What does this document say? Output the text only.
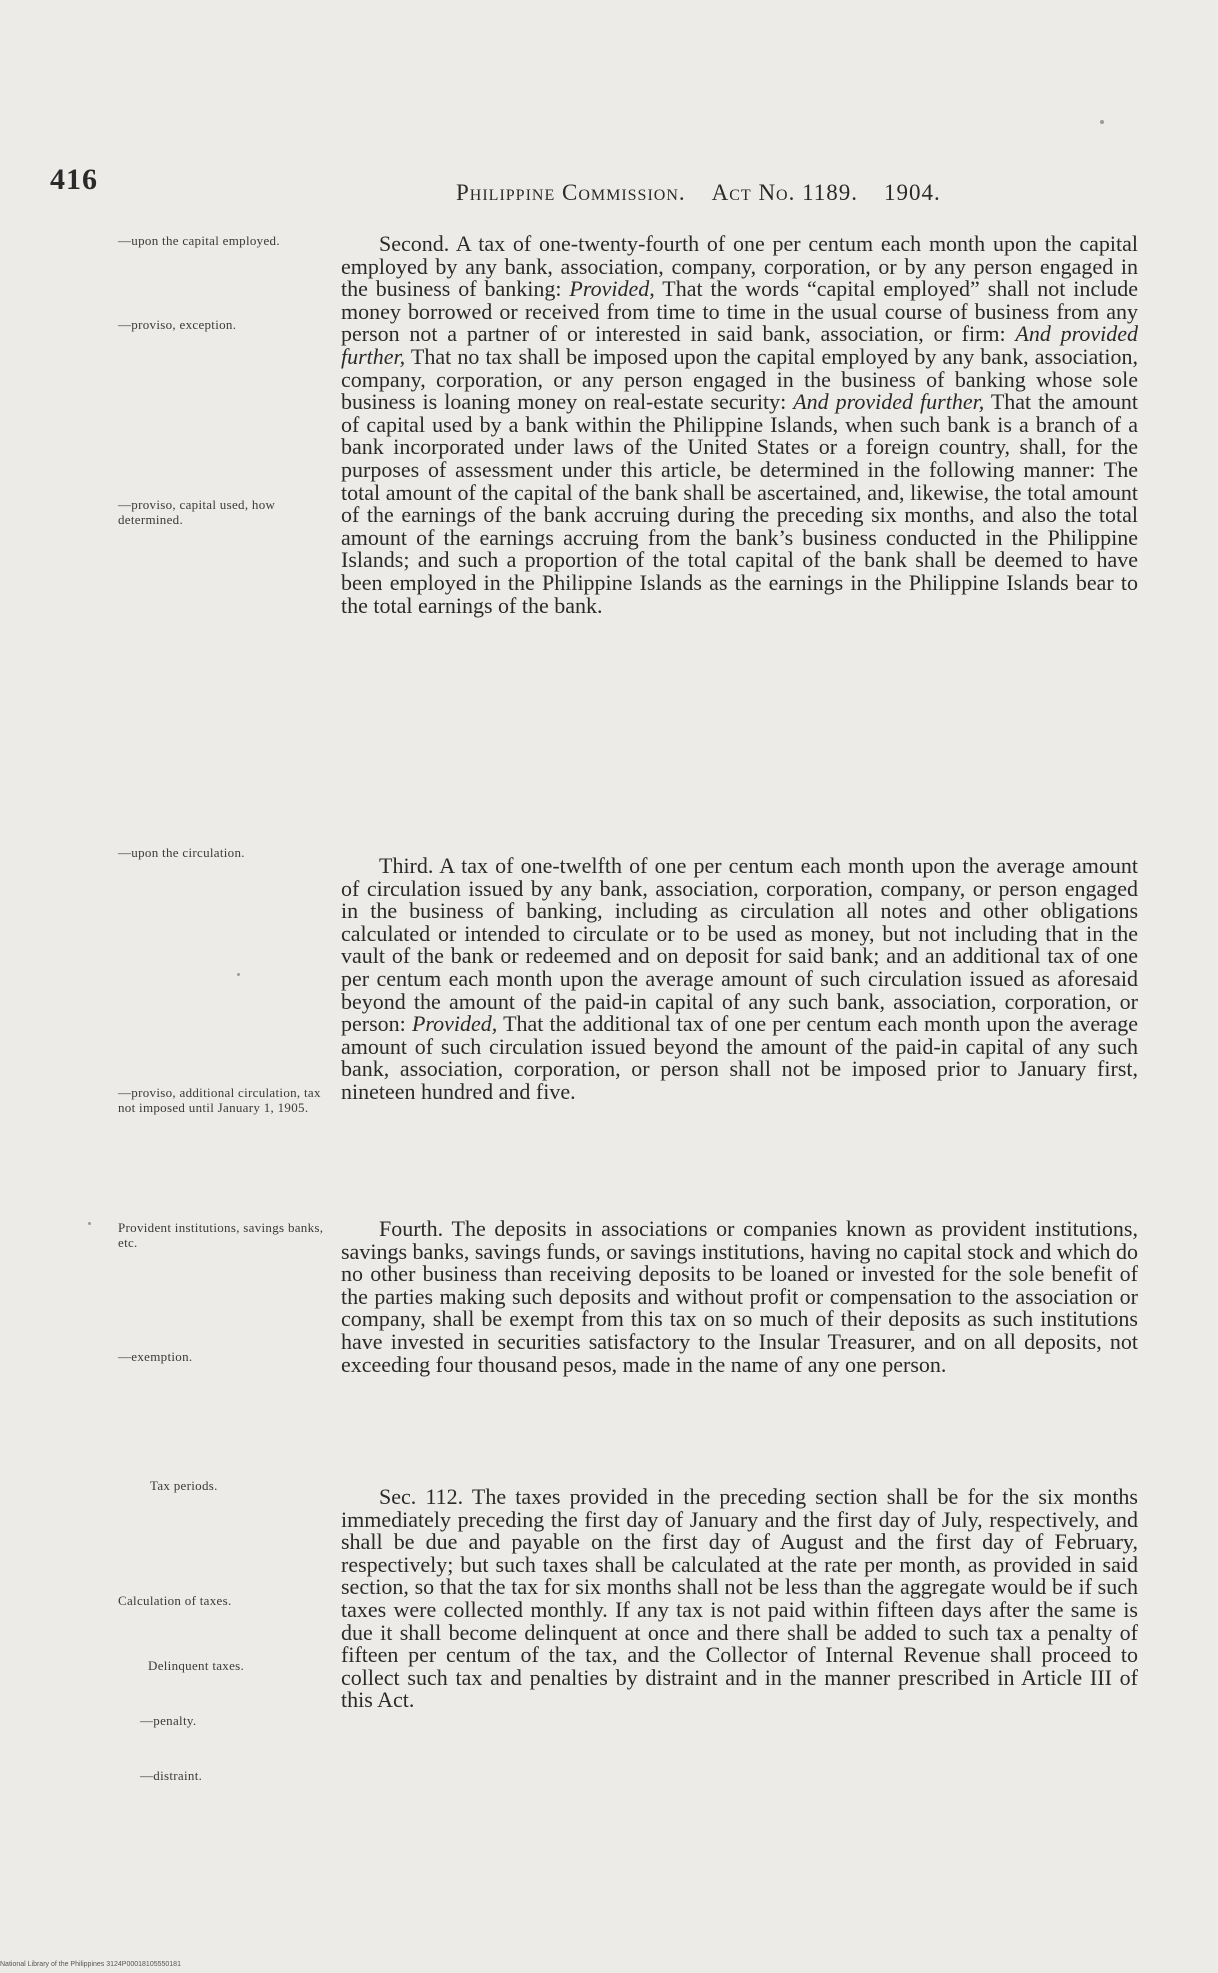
416	Philippine Commission. Act No. 1189. 1904.
—upon the capital employed.
—proviso, exception.
—proviso, capital used, how determined.
—upon the circulation.
—proviso, additional circulation, tax not imposed until January 1, 1905.
Provident institutions, savings banks, etc.
—exemption.
Tax periods.
Calculation of taxes.
Delinquent taxes.
—penalty.
—distraint.
Second. A tax of one-twenty-fourth of one per centum each month upon the capital employed by any bank, association, company, corporation, or by any person engaged in the business of banking: Provided, That the words “capital employed” shall not include money borrowed or received from time to time in the usual course of business from any person not a partner of or interested in said bank, association, or firm: And provided further, That no tax shall be imposed upon the capital employed by any bank, association, company, corporation, or any person engaged in the business of banking whose sole business is loaning money on real-estate security: And provided further, That the amount of capital used by a bank within the Philippine Islands, when such bank is a branch of a bank incorporated under laws of the United States or a foreign country, shall, for the purposes of assessment under this article, be determined in the following manner: The total amount of the capital of the bank shall be ascertained, and, likewise, the total amount of the earnings of the bank accruing during the preceding six months, and also the total amount of the earnings accruing from the bank’s business conducted in the Philippine Islands; and such a proportion of the total capital of the bank shall be deemed to have been employed in the Philippine Islands as the earnings in the Philippine Islands bear to the total earnings of the bank.
Third. A tax of one-twelfth of one per centum each month upon the average amount of circulation issued by any bank, association, corporation, company, or person engaged in the business of banking, including as circulation all notes and other obligations calculated or intended to circulate or to be used as money, but not including that in the vault of the bank or redeemed and on deposit for said bank; and an additional tax of one per centum each month upon the average amount of such circulation issued as aforesaid beyond the amount of the paid-in capital of any such bank, association, corporation, or person: Provided, That the additional tax of one per centum each month upon the average amount of such circulation issued beyond the amount of the paid-in capital of any such bank, association, corporation, or person shall not be imposed prior to January first, nineteen hundred and five.
Fourth. The deposits in associations or companies known as provident institutions, savings banks, savings funds, or savings institutions, having no capital stock and which do no other business than receiving deposits to be loaned or invested for the sole benefit of the parties making such deposits and without profit or compensation to the association or company, shall be exempt from this tax on so much of their deposits as such institutions have invested in securities satisfactory to the Insular Treasurer, and on all deposits, not exceeding four thousand pesos, made in the name of any one person.
Sec. 112. The taxes provided in the preceding section shall be for the six months immediately preceding the first day of January and the first day of July, respectively, and shall be due and payable on the first day of August and the first day of February, respectively; but such taxes shall be calculated at the rate per month, as provided in said section, so that the tax for six months shall not be less than the aggregate would be if such taxes were collected monthly. If any tax is not paid within fifteen days after the same is due it shall become delinquent at once and there shall be added to such tax a penalty of fifteen per centum of the tax, and the Collector of Internal Revenue shall proceed to collect such tax and penalties by distraint and in the manner prescribed in Article III of this Act.
National Library of the Philippines 3124P00018105550181
